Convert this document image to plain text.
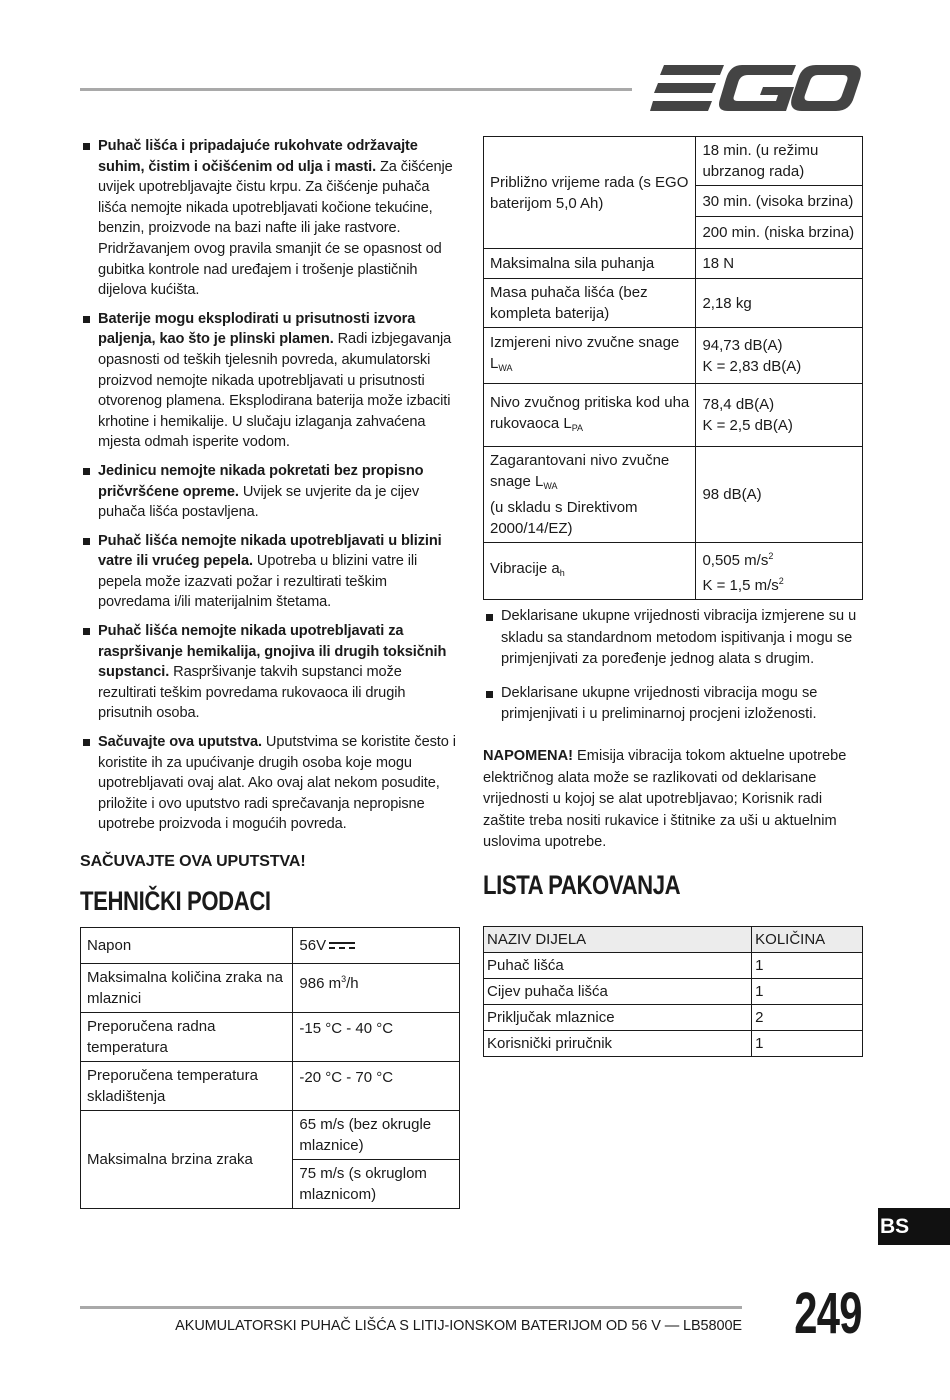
Puhač lišća i pripadajuće rukohvate održavajte suhim, čistim i očišćenim od ulja i masti. Za čišćenje uvijek upotrebljavajte čistu krpu. Za čišćenje puhača lišća nemojte nikada upotrebljavati kočione tekućine, benzin, proizvode na bazi nafte ili jake rastvore. Pridržavanjem ovog pravila smanjit će se opasnost od gubitka kontrole nad uređajem i trošenje plastičnih dijelova kućišta.
Baterije mogu eksplodirati u prisutnosti izvora paljenja, kao što je plinski plamen. Radi izbjegavanja opasnosti od teških tjelesnih povreda, akumulatorski proizvod nemojte nikada upotrebljavati u prisutnosti otvorenog plamena. Eksplodirana baterija može izbaciti krhotine i hemikalije. U slučaju izlaganja zahvaćena mjesta odmah isperite vodom.
Jedinicu nemojte nikada pokretati bez propisno pričvršćene opreme. Uvijek se uvjerite da je cijev puhača lišća postavljena.
Puhač lišća nemojte nikada upotrebljavati u blizini vatre ili vrućeg pepela. Upotreba u blizini vatre ili pepela može izazvati požar i rezultirati teškim povredama i/ili materijalnim štetama.
Puhač lišća nemojte nikada upotrebljavati za raspršivanje hemikalija, gnojiva ili drugih toksičnih supstanci. Raspršivanje takvih supstanci može rezultirati teškim povredama rukovaoca ili drugih prisutnih osoba.
Sačuvajte ova uputstva. Uputstvima se koristite često i koristite ih za upućivanje drugih osoba koje mogu upotrebljavati ovaj alat. Ako ovaj alat nekom posudite, priložite i ovo uputstvo radi sprečavanja nepropisne upotrebe proizvoda i mogućih povreda.
SAČUVAJTE OVA UPUTSTVA!
TEHNIČKI PODACI
Napon	56V
Maksimalna količina zraka na mlaznici	986 $m^3/h$
Preporučena radna temperatura	-15 °C - 40 °C
Preporučena temperatura skladištenja	-20 °C - 70 °C
Maksimalna brzina zraka	65 m/s (bez okrugle mlaznice)
	75 m/s (s okruglom mlaznicom)
Približno vrijeme rada (s EGO baterijom 5,0 Ah)	18 min. (u režimu ubrzanog rada)
	30 min. (visoka brzina)
	200 min. (niska brzina)
Maksimalna sila puhanja	18 N
Masa puhača lišća (bez kompleta baterija)	2,18 kg
Izmjereni nivo zvučne snage $L_{WA}$	94,73 dB(A)
K = 2,83 dB(A)
Nivo zvučnog pritiska kod uha rukovaoca $L_{PA}$	78,4 dB(A)
K = 2,5 dB(A)
Zagarantovani nivo zvučne snage $L_{WA}$
(u skladu s Direktivom 2000/14/EZ)	98 dB(A)
Vibracije $a_h$	0,505 $m/s^2$
K = 1,5 $m/s^2$
Deklarisane ukupne vrijednosti vibracija izmjerene su u skladu sa standardnom metodom ispitivanja i mogu se primjenjivati za poređenje jednog alata s drugim.
Deklarisane ukupne vrijednosti vibracija mogu se primjenjivati i u preliminarnoj procjeni izloženosti.
NAPOMENA! Emisija vibracija tokom aktuelne upotrebe električnog alata može se razlikovati od deklarisane vrijednosti u kojoj se alat upotrebljavao; Korisnik radi zaštite treba nositi rukavice i štitnike za uši u aktuelnim uslovima upotrebe.
LISTA PAKOVANJA
NAZIV DIJELA	KOLIČINA
Puhač lišća	1
Cijev puhača lišća	1
Priključak mlaznice	2
Korisnički priručnik	1
BS
AKUMULATORSKI PUHAČ LIŠĆA S LITIJ-IONSKOM BATERIJOM OD 56 V — LB5800E 249
